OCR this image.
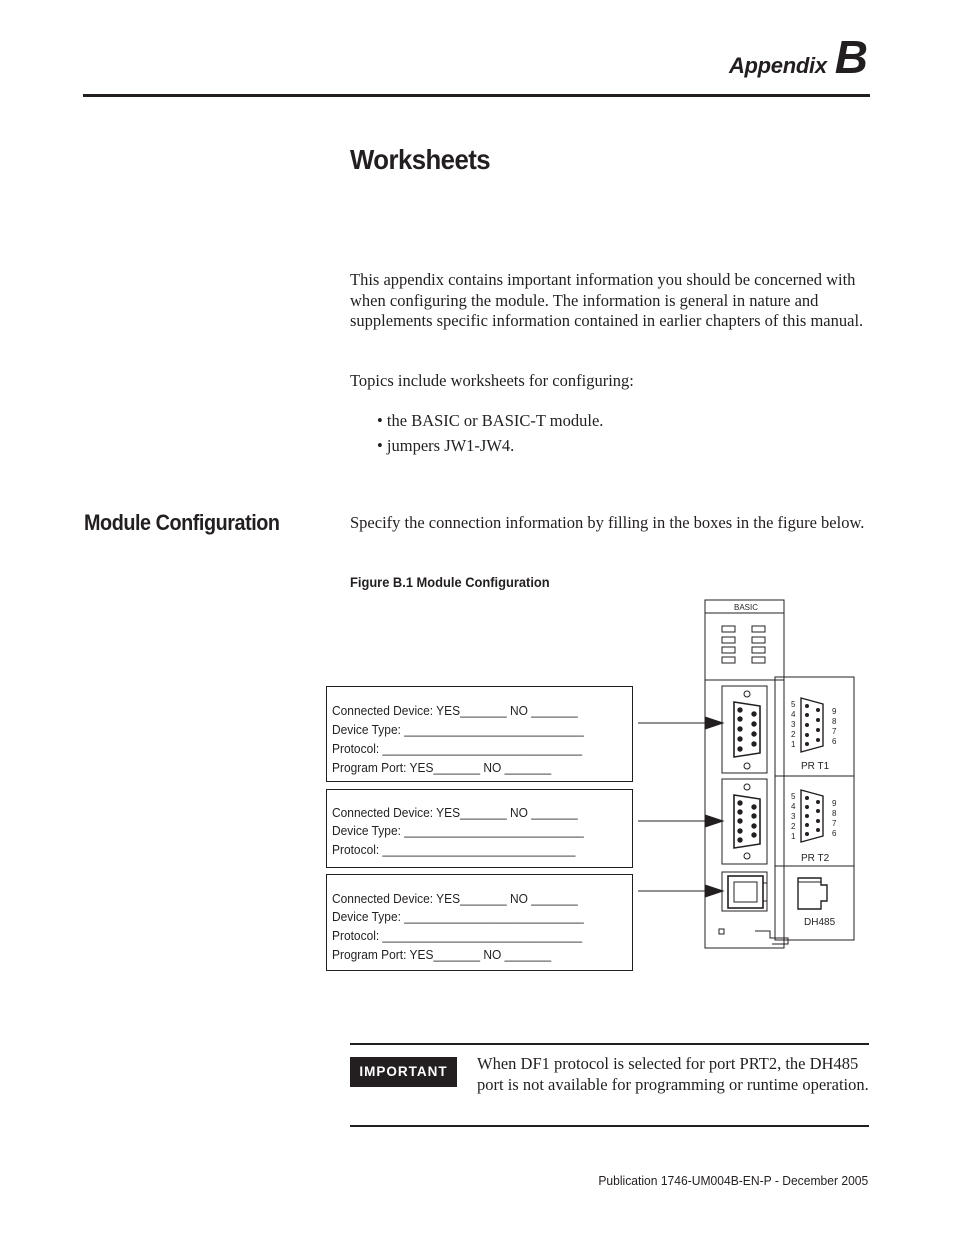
Appendix B
Worksheets
This appendix contains important information you should be concerned with when configuring the module. The information is general in nature and supplements specific information contained in earlier chapters of this manual.
Topics include worksheets for configuring:
• the BASIC or BASIC-T module.
• jumpers JW1-JW4.
Module Configuration	Specify the connection information by filling in the boxes in the figure below.
Figure B.1 Module Configuration
Connected Device: YES_______ NO _______
Device Type: ___________________________
Protocol: ______________________________
Program Port: YES_______ NO _______
Connected Device: YES_______ NO _______
Device Type: ___________________________
Protocol: _____________________________
Connected Device: YES_______ NO _______
Device Type: ___________________________
Protocol: ______________________________
Program Port: YES_______ NO _______
BASIC
5
4
3
2
1
9
8
7
6
5
4
3
2
1
9
8
7
6
PR T1
PR T2
DH485
IMPORTANT	When DF1 protocol is selected for port PRT2, the DH485 port is not available for programming or runtime operation.
Publication 1746-UM004B-EN-P - December 2005
